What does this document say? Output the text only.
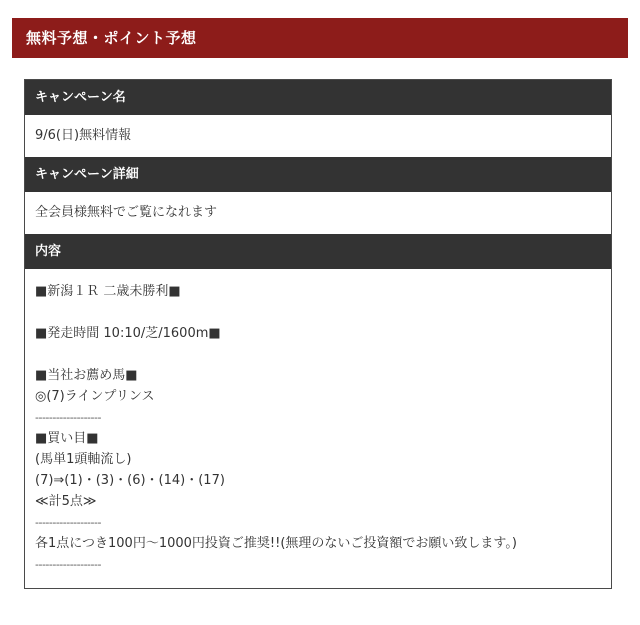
無料予想・ポイント予想
キャンペーン名
9/6(日)無料情報
キャンペーン詳細
全会員様無料でご覧になれます
内容
■新潟１Ｒ 二歳未勝利■
■発走時間 10:10/芝/1600m■
■当社お薦め馬■
◎(7)ラインプリンス
-------------------
■買い目■
(馬単1頭軸流し)
(7)⇒(1)・(3)・(6)・(14)・(17)
≪計5点≫
-------------------
各1点につき100円〜1000円投資ご推奨!!(無理のないご投資額でお願い致します。)
-------------------
